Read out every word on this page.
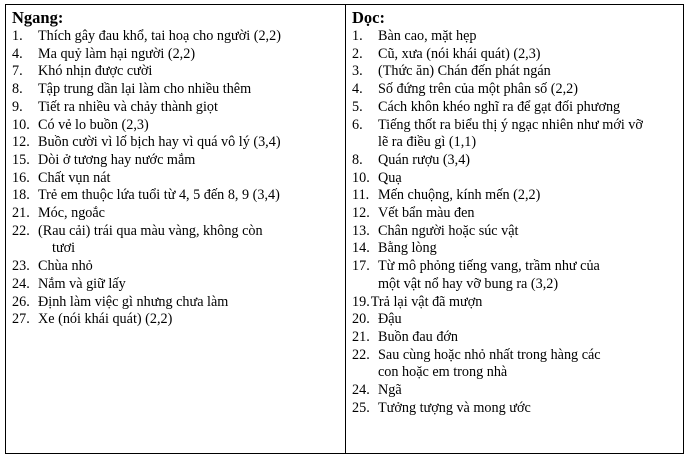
Ngang:
1. Thích gây đau khổ, tai hoạ cho người (2,2)
4. Ma quỷ làm hại người (2,2)
7. Khó nhịn được cười
8. Tập trung dần lại làm cho nhiều thêm
9. Tiết ra nhiều và chảy thành giọt
10. Có vẻ lo buồn (2,3)
12. Buồn cười vì lố bịch hay vì quá vô lý (3,4)
15. Dòi ở tương hay nước mắm
16. Chất vụn nát
18. Trẻ em thuộc lứa tuổi từ 4, 5 đến 8, 9 (3,4)
21. Móc, ngoắc
22. (Rau cải) trái qua màu vàng, không còn
tươi
23. Chùa nhỏ
24. Nắm và giữ lấy
26. Định làm việc gì nhưng chưa làm
27. Xe (nói khái quát) (2,2)
Dọc:
1. Bàn cao, mặt hẹp
2. Cũ, xưa (nói khái quát) (2,3)
3. (Thức ăn) Chán đến phát ngán
4. Số đứng trên của một phân số (2,2)
5. Cách khôn khéo nghĩ ra để gạt đối phương
6. Tiếng thốt ra biểu thị ý ngạc nhiên như mới vỡ
lẽ ra điều gì (1,1)
8. Quán rượu (3,4)
10. Quạ
11. Mến chuộng, kính mến (2,2)
12. Vết bẩn màu đen
13. Chân người hoặc súc vật
14. Bằng lòng
17. Từ mô phỏng tiếng vang, trầm như của
một vật nổ hay vỡ bung ra (3,2)
19.Trả lại vật đã mượn
20. Đậu
21. Buồn đau đớn
22. Sau cùng hoặc nhỏ nhất trong hàng các
con hoặc em trong nhà
24. Ngã
25. Tưởng tượng và mong ước
